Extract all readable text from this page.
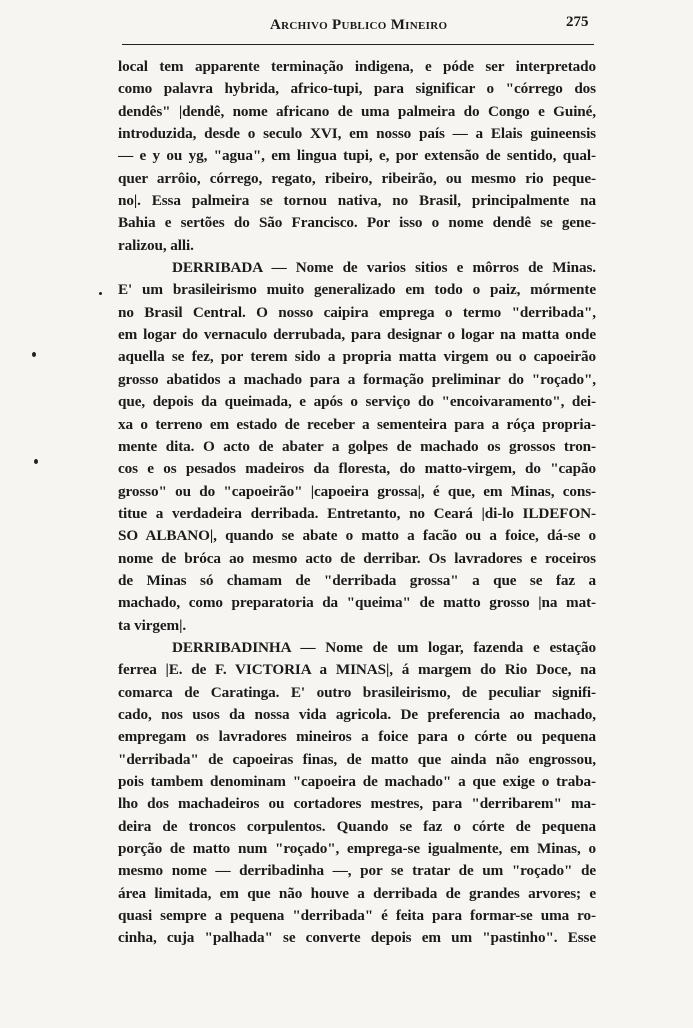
Archivo Publico Mineiro	275
local tem apparente terminação indigena, e póde ser interpretado
como palavra hybrida, africo-tupi, para significar o "córrego dos
dendês" |dendê, nome africano de uma palmeira do Congo e Guiné,
introduzida, desde o seculo XVI, em nosso país — a Elais guineensis
— e y ou yg, "agua", em lingua tupi, e, por extensão de sentido, qual-
quer arrôio, córrego, regato, ribeiro, ribeirão, ou mesmo rio peque-
no|. Essa palmeira se tornou nativa, no Brasil, principalmente na
Bahia e sertões do São Francisco. Por isso o nome dendê se gene-
ralizou, alli.
DERRIBADA — Nome de varios sitios e môrros de Minas.
E' um brasileirismo muito generalizado em todo o paiz, mórmente
no Brasil Central. O nosso caipira emprega o termo "derribada",
em logar do vernaculo derrubada, para designar o logar na matta onde
aquella se fez, por terem sido a propria matta virgem ou o capoeirão
grosso abatidos a machado para a formação preliminar do "roçado",
que, depois da queimada, e após o serviço do "encoivaramento", dei-
xa o terreno em estado de receber a sementeira para a róça propria-
mente dita. O acto de abater a golpes de machado os grossos tron-
cos e os pesados madeiros da floresta, do matto-virgem, do "capão
grosso" ou do "capoeirão" |capoeira grossa|, é que, em Minas, cons-
titue a verdadeira derribada. Entretanto, no Ceará |di-lo ILDEFON-
SO ALBANO|, quando se abate o matto a facão ou a foice, dá-se o
nome de bróca ao mesmo acto de derribar. Os lavradores e roceiros
de Minas só chamam de "derribada grossa" a que se faz a
machado, como preparatoria da "queima" de matto grosso |na mat-
ta virgem|.
DERRIBADINHA — Nome de um logar, fazenda e estação
ferrea |E. de F. VICTORIA a MINAS|, á margem do Rio Doce, na
comarca de Caratinga. E' outro brasileirismo, de peculiar signifi-
cado, nos usos da nossa vida agricola. De preferencia ao machado,
empregam os lavradores mineiros a foice para o córte ou pequena
"derribada" de capoeiras finas, de matto que ainda não engrossou,
pois tambem denominam "capoeira de machado" a que exige o traba-
lho dos machadeiros ou cortadores mestres, para "derribarem" ma-
deira de troncos corpulentos. Quando se faz o córte de pequena
porção de matto num "roçado", emprega-se igualmente, em Minas, o
mesmo nome — derribadinha —, por se tratar de um "roçado" de
área limitada, em que não houve a derribada de grandes arvores; e
quasi sempre a pequena "derribada" é feita para formar-se uma ro-
cinha, cuja "palhada" se converte depois em um "pastinho". Esse
